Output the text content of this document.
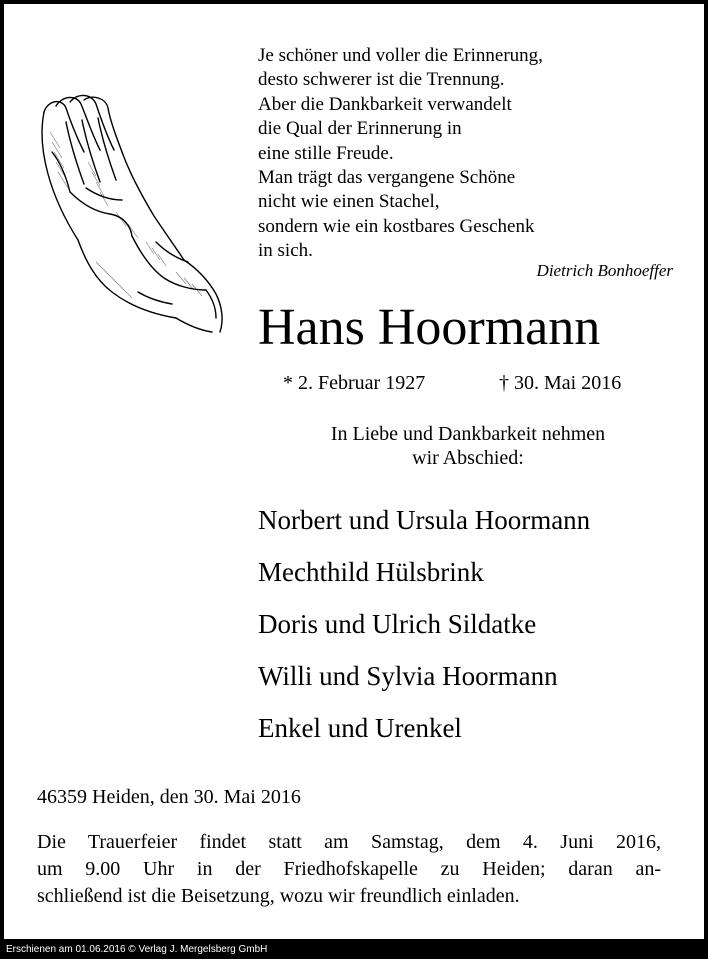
Je schöner und voller die Erinnerung,
desto schwerer ist die Trennung.
Aber die Dankbarkeit verwandelt
die Qual der Erinnerung in
eine stille Freude.
Man trägt das vergangene Schöne
nicht wie einen Stachel,
sondern wie ein kostbares Geschenk
in sich.
Dietrich Bonhoeffer
Hans Hoormann
* 2. Februar 1927	† 30. Mai 2016
In Liebe und Dankbarkeit nehmen
wir Abschied:
Norbert und Ursula Hoormann
Mechthild Hülsbrink
Doris und Ulrich Sildatke
Willi und Sylvia Hoormann
Enkel und Urenkel
46359 Heiden, den 30. Mai 2016
Die Trauerfeier findet statt am Samstag, dem 4. Juni 2016,
um 9.00 Uhr in der Friedhofskapelle zu Heiden; daran an-
schließend ist die Beisetzung, wozu wir freundlich einladen.
Erschienen am 01.06.2016 © Verlag J. Mergelsberg GmbH
